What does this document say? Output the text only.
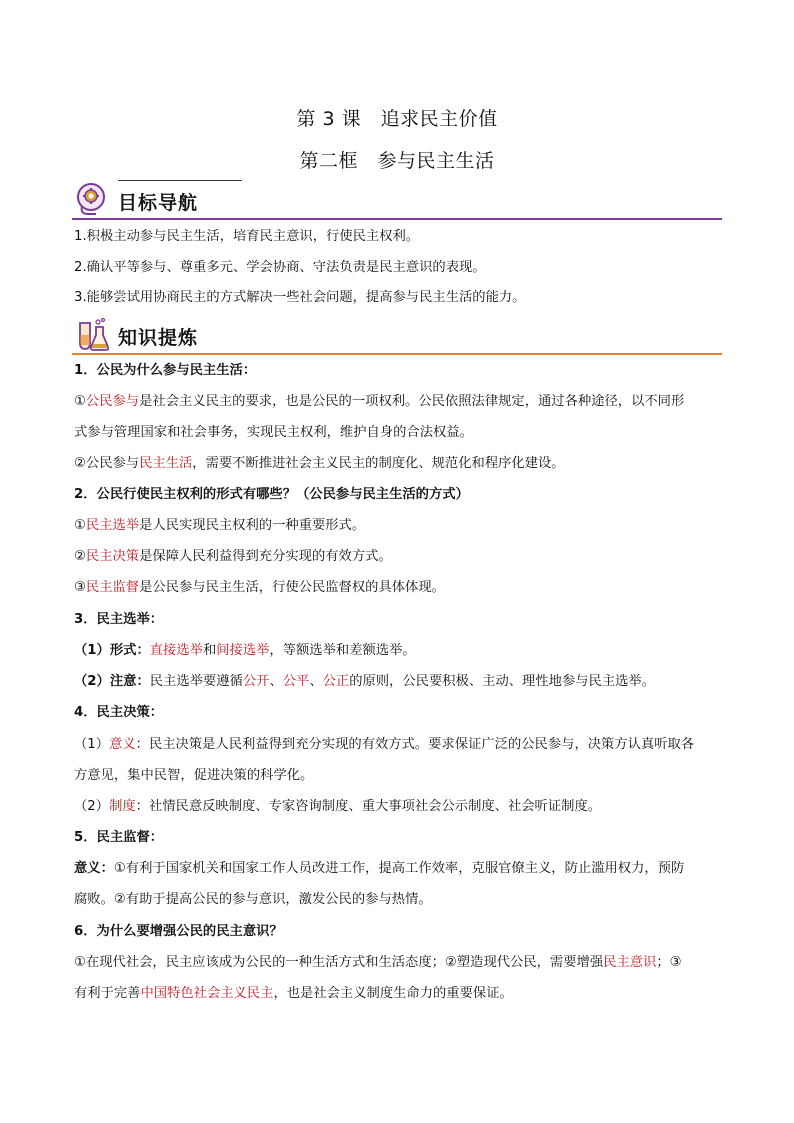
第 3 课　追求民主价值
第二框　参与民主生活
目标导航
1.积极主动参与民主生活，培育民主意识，行使民主权利。
2.确认平等参与、尊重多元、学会协商、守法负责是民主意识的表现。
3.能够尝试用协商民主的方式解决一些社会问题，提高参与民主生活的能力。
知识提炼
1．公民为什么参与民主生活：
①公民参与是社会主义民主的要求，也是公民的一项权利。公民依照法律规定，通过各种途径，以不同形
式参与管理国家和社会事务，实现民主权利，维护自身的合法权益。
②公民参与民主生活，需要不断推进社会主义民主的制度化、规范化和程序化建设。
2．公民行使民主权利的形式有哪些？（公民参与民主生活的方式）
①民主选举是人民实现民主权利的一种重要形式。
②民主决策是保障人民利益得到充分实现的有效方式。
③民主监督是公民参与民主生活，行使公民监督权的具体体现。
3．民主选举：
（1）形式：直接选举和间接选举，等额选举和差额选举。
（2）注意：民主选举要遵循公开、公平、公正的原则，公民要积极、主动、理性地参与民主选举。
4．民主决策：
（1）意义：民主决策是人民利益得到充分实现的有效方式。要求保证广泛的公民参与，决策方认真听取各
方意见，集中民智，促进决策的科学化。
（2）制度：社情民意反映制度、专家咨询制度、重大事项社会公示制度、社会听证制度。
5．民主监督：
意义：①有利于国家机关和国家工作人员改进工作，提高工作效率，克服官僚主义，防止滥用权力，预防
腐败。②有助于提高公民的参与意识，激发公民的参与热情。
6．为什么要增强公民的民主意识？
①在现代社会，民主应该成为公民的一种生活方式和生活态度；②塑造现代公民，需要增强民主意识；③
有利于完善中国特色社会主义民主，也是社会主义制度生命力的重要保证。
